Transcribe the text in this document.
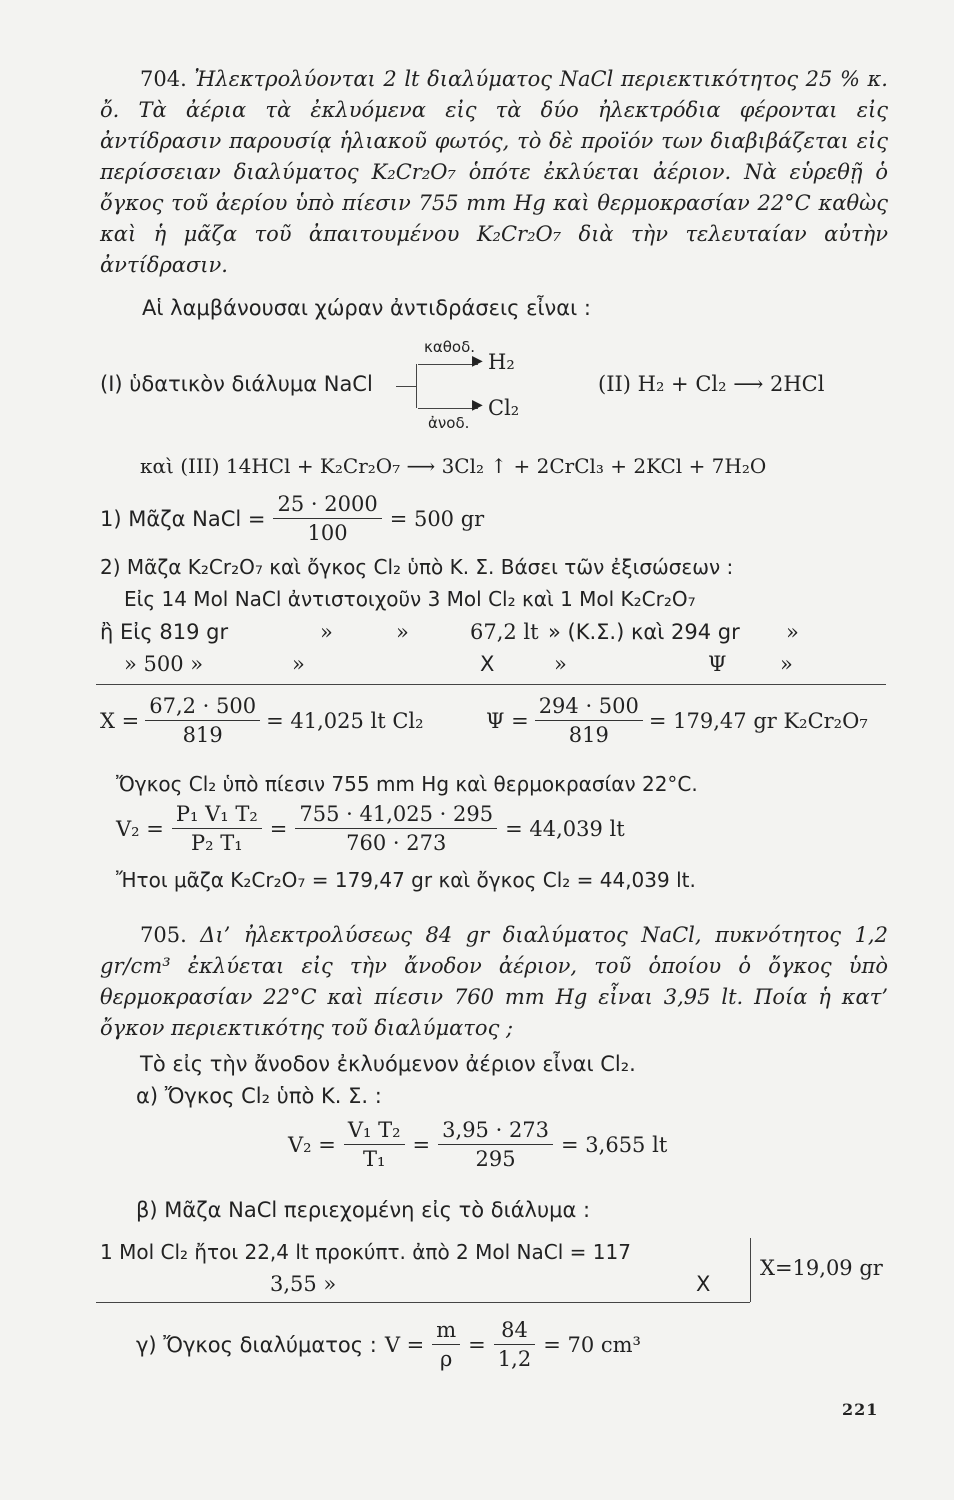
704. Ἠλεκτρολύονται 2 lt διαλύματος NaCl περιεκτικότητος 25 % κ. ὄ. Τὰ ἀέρια τὰ ἐκλυόμενα εἰς τὰ δύο ἠλεκτρόδια φέρονται εἰς ἀντίδρασιν παρουσίᾳ ἡλιακοῦ φωτός, τὸ δὲ προϊόν των διαβιβάζεται εἰς περίσσειαν διαλύματος K₂Cr₂O₇ ὁπότε ἐκλύεται ἀέριον. Νὰ εὑρεθῇ ὁ ὄγκος τοῦ ἀερίου ὑπὸ πίεσιν 755 mm Hg καὶ θερμοκρασίαν 22°C καθὼς καὶ ἡ μᾶζα τοῦ ἀπαιτουμένου K₂Cr₂O₇ διὰ τὴν τελευταίαν αὐτὴν ἀντίδρασιν.
Αἱ λαμβάνουσαι χώραν ἀντιδράσεις εἶναι :
(I) ὑδατικὸν διάλυμα NaCl
καθοδ.
▶ H₂
▶ Cl₂
ἀνοδ.
(II) H₂ + Cl₂ ⟶ 2HCl
καὶ (III) 14HCl + K₂Cr₂O₇ ⟶ 3Cl₂ ↑ + 2CrCl₃ + 2KCl + 7H₂O
1) Μᾶζα NaCl = $\frac{25 \cdot 2000}{100} = 500$ gr
2) Μᾶζα K₂Cr₂O₇ καὶ ὄγκος Cl₂ ὑπὸ Κ. Σ. Βάσει τῶν ἐξισώσεων :
Εἰς 14 Mol NaCl ἀντιστοιχοῦν 3 Mol Cl₂ καὶ 1 Mol K₂Cr₂O₇
ἢ Εἰς 819 gr	»	»	67,2 lt » (Κ.Σ.) καὶ 294 gr »
» 500 »	»	X	»	Ψ	»
$X = \frac{67,2 \cdot 500}{819} = 41,025$ lt Cl₂	$\Psi = \frac{294 \cdot 500}{819} = 179,47$ gr K₂Cr₂O₇
Ὄγκος Cl₂ ὑπὸ πίεσιν 755 mm Hg καὶ θερμοκρασίαν 22°C.
$V_2 = \frac{\text{P₁ V₁ T₂}}{\text{P₂ T₁}} = \frac{755 \cdot 41,025 \cdot 295}{760 \cdot 273} = 44,039$ lt
Ἤτοι μᾶζα K₂Cr₂O₇ = 179,47 gr καὶ ὄγκος Cl₂ = 44,039 lt.
705. Δι’ ἠλεκτρολύσεως 84 gr διαλύματος NaCl, πυκνότητος 1,2 gr/cm³ ἐκλύεται εἰς τὴν ἄνοδον ἀέριον, τοῦ ὁποίου ὁ ὄγκος ὑπὸ θερμοκρασίαν 22°C καὶ πίεσιν 760 mm Hg εἶναι 3,95 lt. Ποία ἡ κατ’ ὄγκον περιεκτικότης τοῦ διαλύματος ;
Τὸ εἰς τὴν ἄνοδον ἐκλυόμενον ἀέριον εἶναι Cl₂.
α) Ὄγκος Cl₂ ὑπὸ Κ. Σ. :
$V_2 = \frac{\text{V₁ T₂}}{\text{T₁}} = \frac{3,95 \cdot 273}{295} = 3,655$ lt
β) Μᾶζα NaCl περιεχομένη εἰς τὸ διάλυμα :
1 Mol Cl₂ ἤτοι 22,4 lt προκύπτ. ἀπὸ 2 Mol NaCl = 117
3,55 »	X
X=19,09 gr
γ) Ὄγκος διαλύματος : $V = \frac{m}{\rho} = \frac{84}{1,2} = 70$ cm³
221
